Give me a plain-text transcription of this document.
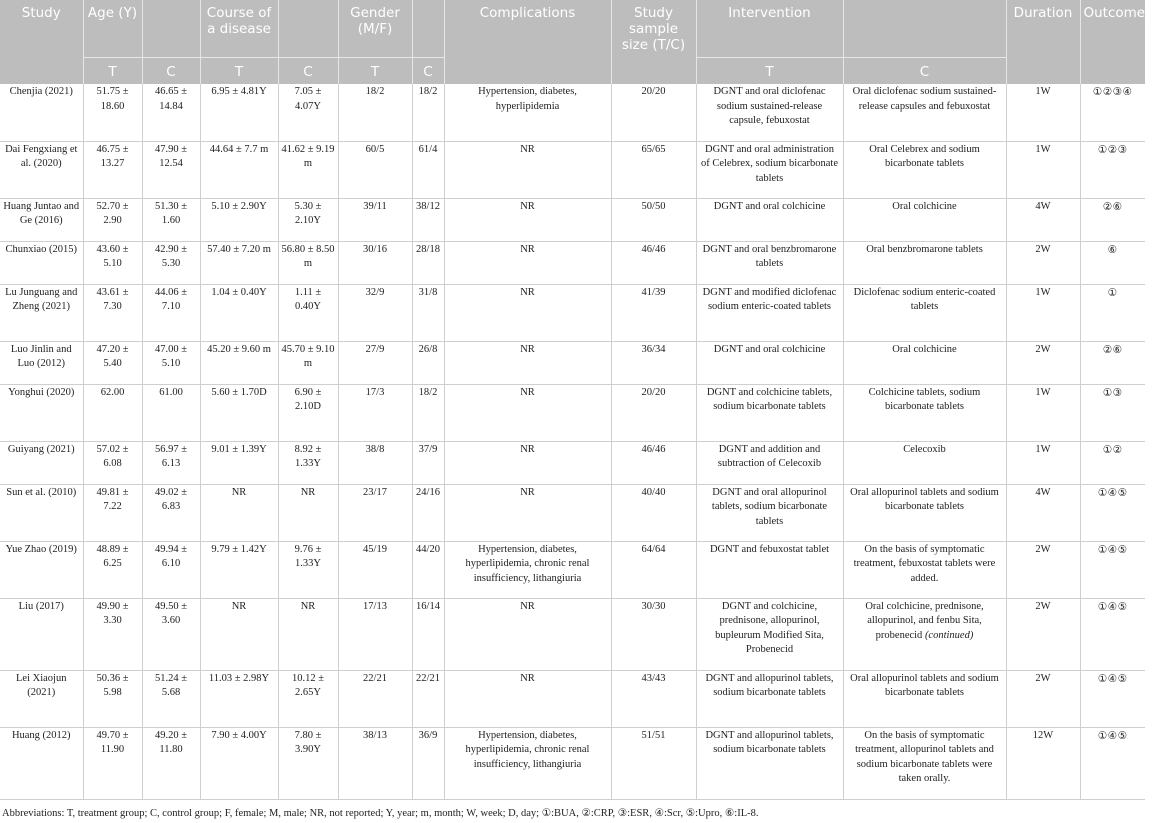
Study	Age (Y)		Course of a disease		Gender (M/F)		Complications	Study sample size (T/C)	Intervention		Duration	Outcomes
	T	C	T	C	T	C			T	C		
Chenjia (2021)	51.75 ± 18.60	46.65 ± 14.84	6.95 ± 4.81Y	7.05 ± 4.07Y	18/2	18/2	Hypertension, diabetes, hyperlipidemia	20/20	DGNT and oral diclofenac sodium sustained-release capsule, febuxostat	Oral diclofenac sodium sustained-release capsules and febuxostat	1W	①②③④
Dai Fengxiang et al. (2020)	46.75 ± 13.27	47.90 ± 12.54	44.64 ± 7.7 m	41.62 ± 9.19 m	60/5	61/4	NR	65/65	DGNT and oral administration of Celebrex, sodium bicarbonate tablets	Oral Celebrex and sodium bicarbonate tablets	1W	①②③
Huang Juntao and Ge (2016)	52.70 ± 2.90	51.30 ± 1.60	5.10 ± 2.90Y	5.30 ± 2.10Y	39/11	38/12	NR	50/50	DGNT and oral colchicine	Oral colchicine	4W	②⑥
Chunxiao (2015)	43.60 ± 5.10	42.90 ± 5.30	57.40 ± 7.20 m	56.80 ± 8.50 m	30/16	28/18	NR	46/46	DGNT and oral benzbromarone tablets	Oral benzbromarone tablets	2W	⑥
Lu Junguang and Zheng (2021)	43.61 ± 7.30	44.06 ± 7.10	1.04 ± 0.40Y	1.11 ± 0.40Y	32/9	31/8	NR	41/39	DGNT and modified diclofenac sodium enteric-coated tablets	Diclofenac sodium enteric-coated tablets	1W	①
Luo Jinlin and Luo (2012)	47.20 ± 5.40	47.00 ± 5.10	45.20 ± 9.60 m	45.70 ± 9.10 m	27/9	26/8	NR	36/34	DGNT and oral colchicine	Oral colchicine	2W	②⑥
Yonghui (2020)	62.00	61.00	5.60 ± 1.70D	6.90 ± 2.10D	17/3	18/2	NR	20/20	DGNT and colchicine tablets, sodium bicarbonate tablets	Colchicine tablets, sodium bicarbonate tablets	1W	①③
Guiyang (2021)	57.02 ± 6.08	56.97 ± 6.13	9.01 ± 1.39Y	8.92 ± 1.33Y	38/8	37/9	NR	46/46	DGNT and addition and subtraction of Celecoxib	Celecoxib	1W	①②
Sun et al. (2010)	49.81 ± 7.22	49.02 ± 6.83	NR	NR	23/17	24/16	NR	40/40	DGNT and oral allopurinol tablets, sodium bicarbonate tablets	Oral allopurinol tablets and sodium bicarbonate tablets	4W	①④⑤
Yue Zhao (2019)	48.89 ± 6.25	49.94 ± 6.10	9.79 ± 1.42Y	9.76 ± 1.33Y	45/19	44/20	Hypertension, diabetes, hyperlipidemia, chronic renal insufficiency, lithangiuria	64/64	DGNT and febuxostat tablet	On the basis of symptomatic treatment, febuxostat tablets were added.	2W	①④⑤
Liu (2017)	49.90 ± 3.30	49.50 ± 3.60	NR	NR	17/13	16/14	NR	30/30	DGNT and colchicine, prednisone, allopurinol, bupleurum Modified Sita, Probenecid	Oral colchicine, prednisone, allopurinol, and fenbu Sita, probenecid (continued)	2W	①④⑤
Lei Xiaojun (2021)	50.36 ± 5.98	51.24 ± 5.68	11.03 ± 2.98Y	10.12 ± 2.65Y	22/21	22/21	NR	43/43	DGNT and allopurinol tablets, sodium bicarbonate tablets	Oral allopurinol tablets and sodium bicarbonate tablets	2W	①④⑤
Huang (2012)	49.70 ± 11.90	49.20 ± 11.80	7.90 ± 4.00Y	7.80 ± 3.90Y	38/13	36/9	Hypertension, diabetes, hyperlipidemia, chronic renal insufficiency, lithangiuria	51/51	DGNT and allopurinol tablets, sodium bicarbonate tablets	On the basis of symptomatic treatment, allopurinol tablets and sodium bicarbonate tablets were taken orally.	12W	①④⑤
Abbreviations: T, treatment group; C, control group; F, female; M, male; NR, not reported; Y, year; m, month; W, week; D, day; ①:BUA, ②:CRP, ③:ESR, ④:Scr, ⑤:Upro, ⑥:IL-8.
